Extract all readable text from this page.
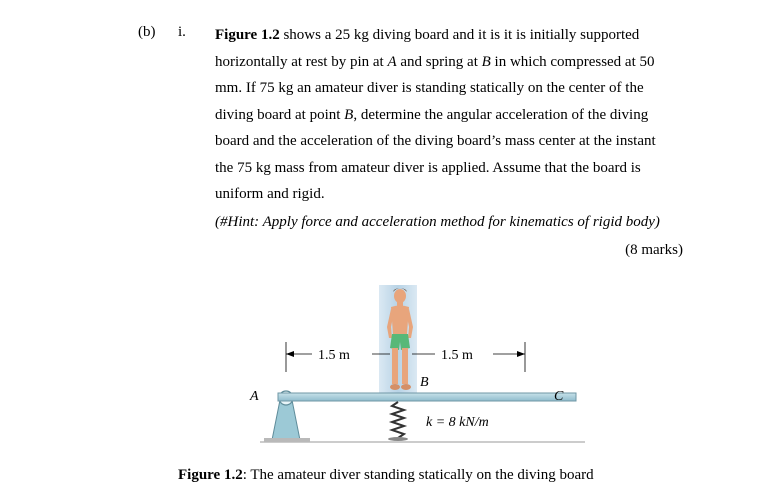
(b) i. Figure 1.2 shows a 25 kg diving board and it is it is initially supported
horizontally at rest by pin at A and spring at B in which compressed at 50
mm. If 75 kg an amateur diver is standing statically on the center of the
diving board at point B, determine the angular acceleration of the diving
board and the acceleration of the diving board’s mass center at the instant
the 75 kg mass from amateur diver is applied. Assume that the board is
uniform and rigid.
(#Hint: Apply force and acceleration method for kinematics of rigid body)
(8 marks)
1.5 m	1.5 m
A
B
C
k = 8 kN/m
Figure 1.2: The amateur diver standing statically on the diving board
